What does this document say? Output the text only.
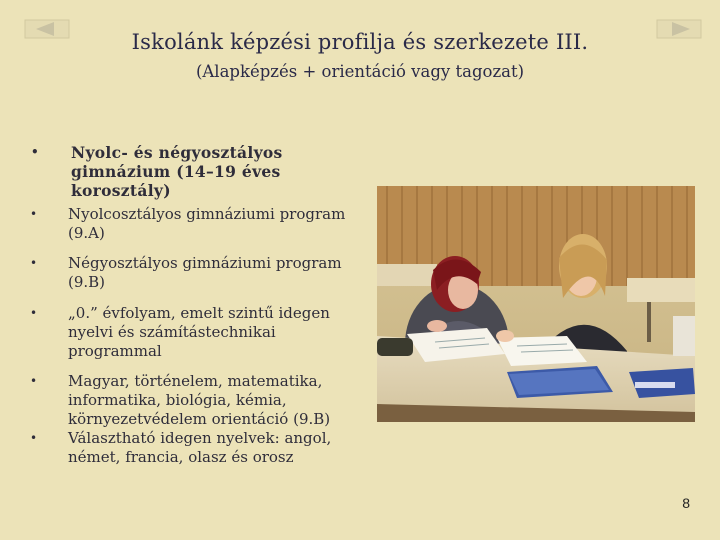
Iskolánk képzési profilja és szerkezete III.
(Alapképzés + orientáció vagy tagozat)
• Nyolc- és négyosztályos gimnázium (14–19 éves korosztály)
• Nyolcosztályos gimnáziumi program (9.A)
• Négyosztályos gimnáziumi program (9.B)
• „0.” évfolyam, emelt szintű idegen nyelvi és számítástechnikai programmal
• Magyar, történelem, matematika, informatika, biológia, kémia, környezetvédelem orientáció (9.B)
• Választható idegen nyelvek: angol, német, francia, olasz és orosz
8
